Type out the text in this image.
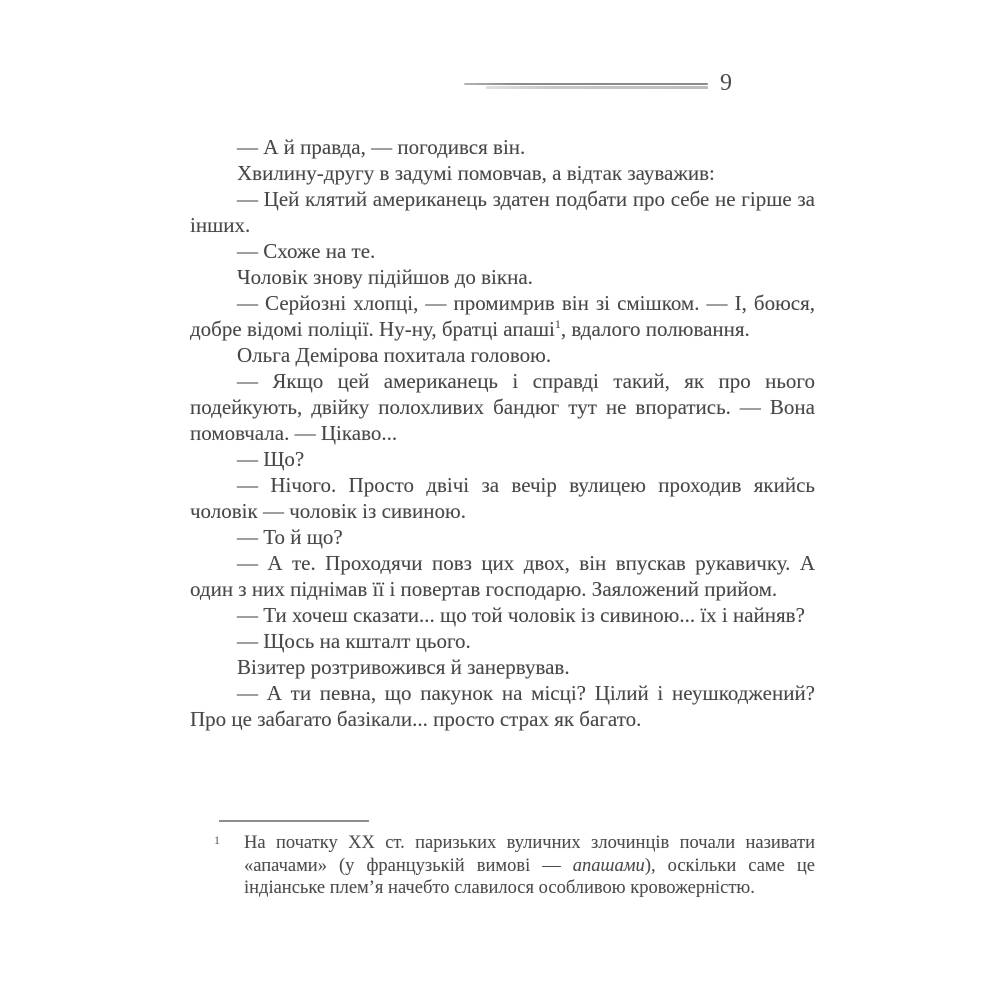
9

— А й правда, — погодився він.

Хвилину-другу в задумі помовчав, а відтак зауважив:

— Цей клятий американець здатен подбати про себе не гірше за інших.

— Схоже на те.

Чоловік знову підійшов до вікна.

— Серйозні хлопці, — промимрив він зі смішком. — І, боюся, добре відомі поліції. Ну-ну, братці апаші$^1$, вдалого полювання.

Ольга Демірова похитала головою.

— Якщо цей американець і справді такий, як про нього подейкують, двійку полохливих бандюг тут не впоратись. — Вона помовчала. — Цікаво...

— Що?

— Нічого. Просто двічі за вечір вулицею проходив якийсь чоловік — чоловік із сивиною.

— То й що?

— А те. Проходячи повз цих двох, він впускав рукавичку. А один з них піднімав її і повертав господарю. Заяложений прийом.

— Ти хочеш сказати... що той чоловік із сивиною... їх і найняв?

— Щось на кшталт цього.

Візитер розтривожився й занервував.

— А ти певна, що пакунок на місці? Цілий і неушкоджений? Про це забагато базікали... просто страх як багато.

1 На початку XX ст. паризьких вуличних злочинців почали називати «апачами» (у французькій вимові — апашами), оскільки саме це індіанське плем’я начебто славилося особливою кровожерністю.
